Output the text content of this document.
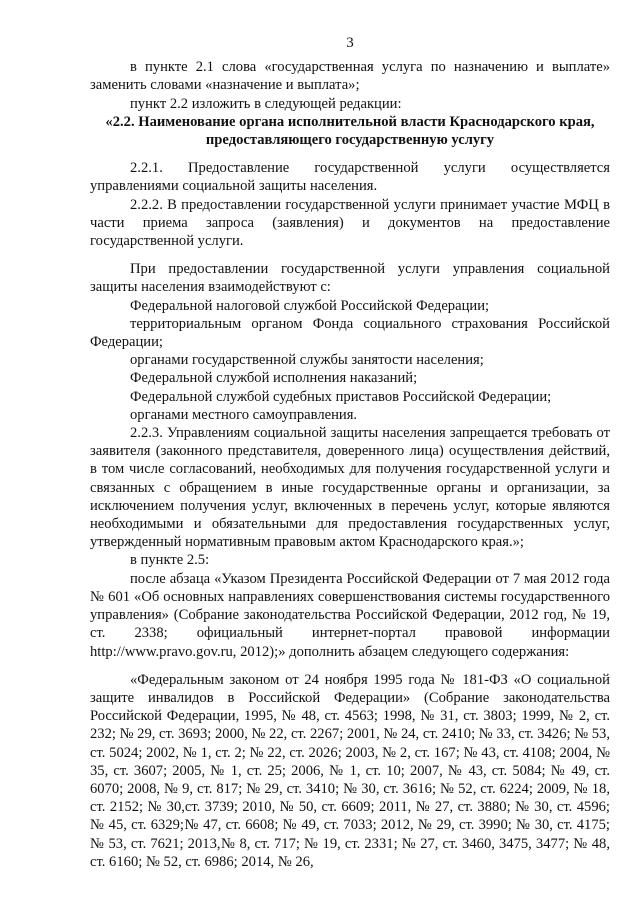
3

в пункте 2.1 слова «государственная услуга по назначению и выплате» заменить словами «назначение и выплата»;

пункт 2.2 изложить в следующей редакции:

«2.2. Наименование органа исполнительной власти Краснодарского края, предоставляющего государственную услугу

2.2.1. Предоставление государственной услуги осуществляется управлениями социальной защиты населения.

2.2.2. В предоставлении государственной услуги принимает участие МФЦ в части приема запроса (заявления) и документов на предоставление государственной услуги.

При предоставлении государственной услуги управления социальной защиты населения взаимодействуют с:

Федеральной налоговой службой Российской Федерации;

территориальным органом Фонда социального страхования Российской Федерации;

органами государственной службы занятости населения;

Федеральной службой исполнения наказаний;

Федеральной службой судебных приставов Российской Федерации;

органами местного самоуправления.

2.2.3. Управлениям социальной защиты населения запрещается требовать от заявителя (законного представителя, доверенного лица) осуществления действий, в том числе согласований, необходимых для получения государственной услуги и связанных с обращением в иные государственные органы и организации, за исключением получения услуг, включенных в перечень услуг, которые являются необходимыми и обязательными для предоставления государственных услуг, утвержденный нормативным правовым актом Краснодарского края.»;

в пункте 2.5:

после абзаца «Указом Президента Российской Федерации от 7 мая 2012 года № 601 «Об основных направлениях совершенствования системы государственного управления» (Собрание законодательства Российской Федерации, 2012 год, № 19, ст. 2338; официальный интернет-портал правовой информации http://www.pravo.gov.ru, 2012);» дополнить абзацем следующего содержания:

«Федеральным законом от 24 ноября 1995 года № 181-ФЗ «О социальной защите инвалидов в Российской Федерации» (Собрание законодательства Российской Федерации, 1995, № 48, ст. 4563; 1998, № 31, ст. 3803; 1999, № 2, ст. 232; № 29, ст. 3693; 2000, № 22, ст. 2267; 2001, № 24, ст. 2410; № 33, ст. 3426; № 53, ст. 5024; 2002, № 1, ст. 2; № 22, ст. 2026; 2003, № 2, ст. 167; № 43, ст. 4108; 2004, № 35, ст. 3607; 2005, № 1, ст. 25; 2006, № 1, ст. 10; 2007, № 43, ст. 5084; № 49, ст. 6070; 2008, № 9, ст. 817; № 29, ст. 3410; № 30, ст. 3616; № 52, ст. 6224; 2009, № 18, ст. 2152; № 30,ст. 3739; 2010, № 50, ст. 6609; 2011, № 27, ст. 3880; № 30, ст. 4596; № 45, ст. 6329;№ 47, ст. 6608; № 49, ст. 7033; 2012, № 29, ст. 3990; № 30, ст. 4175; № 53, ст. 7621; 2013,№ 8, ст. 717; № 19, ст. 2331; № 27, ст. 3460, 3475, 3477; № 48, ст. 6160; № 52, ст. 6986; 2014, № 26,
